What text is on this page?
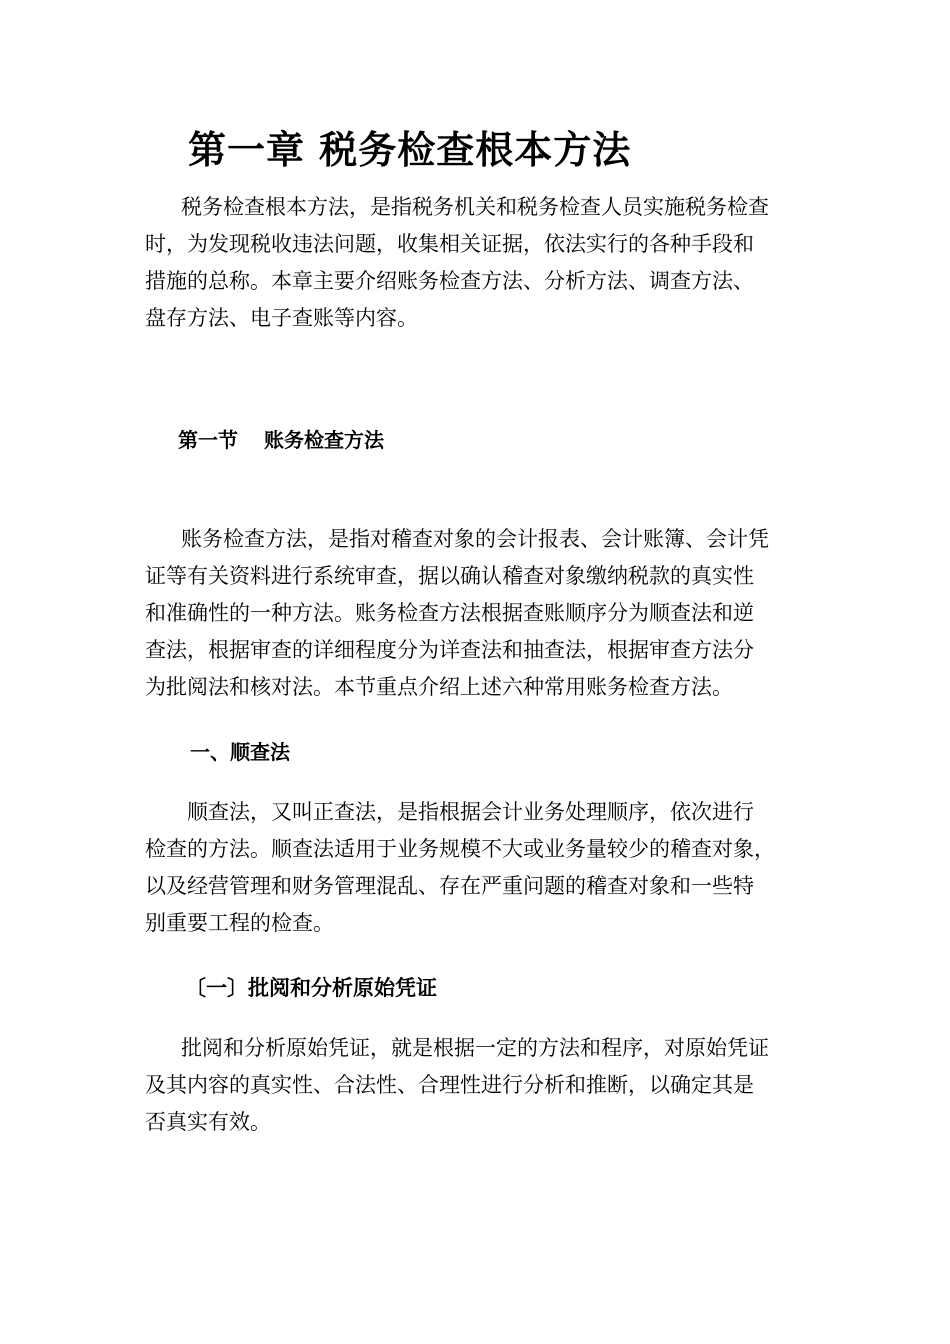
第一章 税务检查根本方法

税务检查根本方法，是指税务机关和税务检查人员实施税务检查
时，为发现税收违法问题，收集相关证据，依法实行的各种手段和
措施的总称。本章主要介绍账务检查方法、分析方法、调查方法、
盘存方法、电子查账等内容。

第一节 账务检查方法

账务检查方法，是指对稽查对象的会计报表、会计账簿、会计凭
证等有关资料进行系统审查，据以确认稽查对象缴纳税款的真实性
和准确性的一种方法。账务检查方法根据查账顺序分为顺查法和逆
查法，根据审查的详细程度分为详查法和抽查法，根据审查方法分
为批阅法和核对法。本节重点介绍上述六种常用账务检查方法。

一、顺查法

顺查法，又叫正查法，是指根据会计业务处理顺序，依次进行
检查的方法。顺查法适用于业务规模不大或业务量较少的稽查对象，
以及经营管理和财务管理混乱、存在严重问题的稽查对象和一些特
别重要工程的检查。

〔一〕批阅和分析原始凭证

批阅和分析原始凭证，就是根据一定的方法和程序，对原始凭证
及其内容的真实性、合法性、合理性进行分析和推断，以确定其是
否真实有效。
